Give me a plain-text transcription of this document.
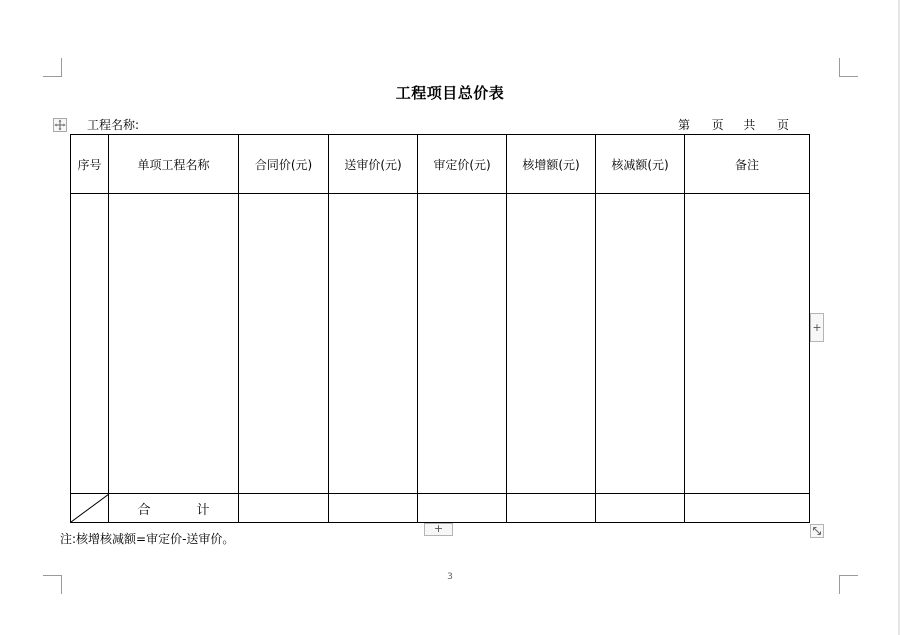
工程项目总价表
工程名称:	第 页 共 页
序号	单项工程名称	合同价(元)	送审价(元)	审定价(元)	核增额(元)	核减额(元)	备注

	合 计						
注:核增核减额=审定价-送审价。
+
+
3
